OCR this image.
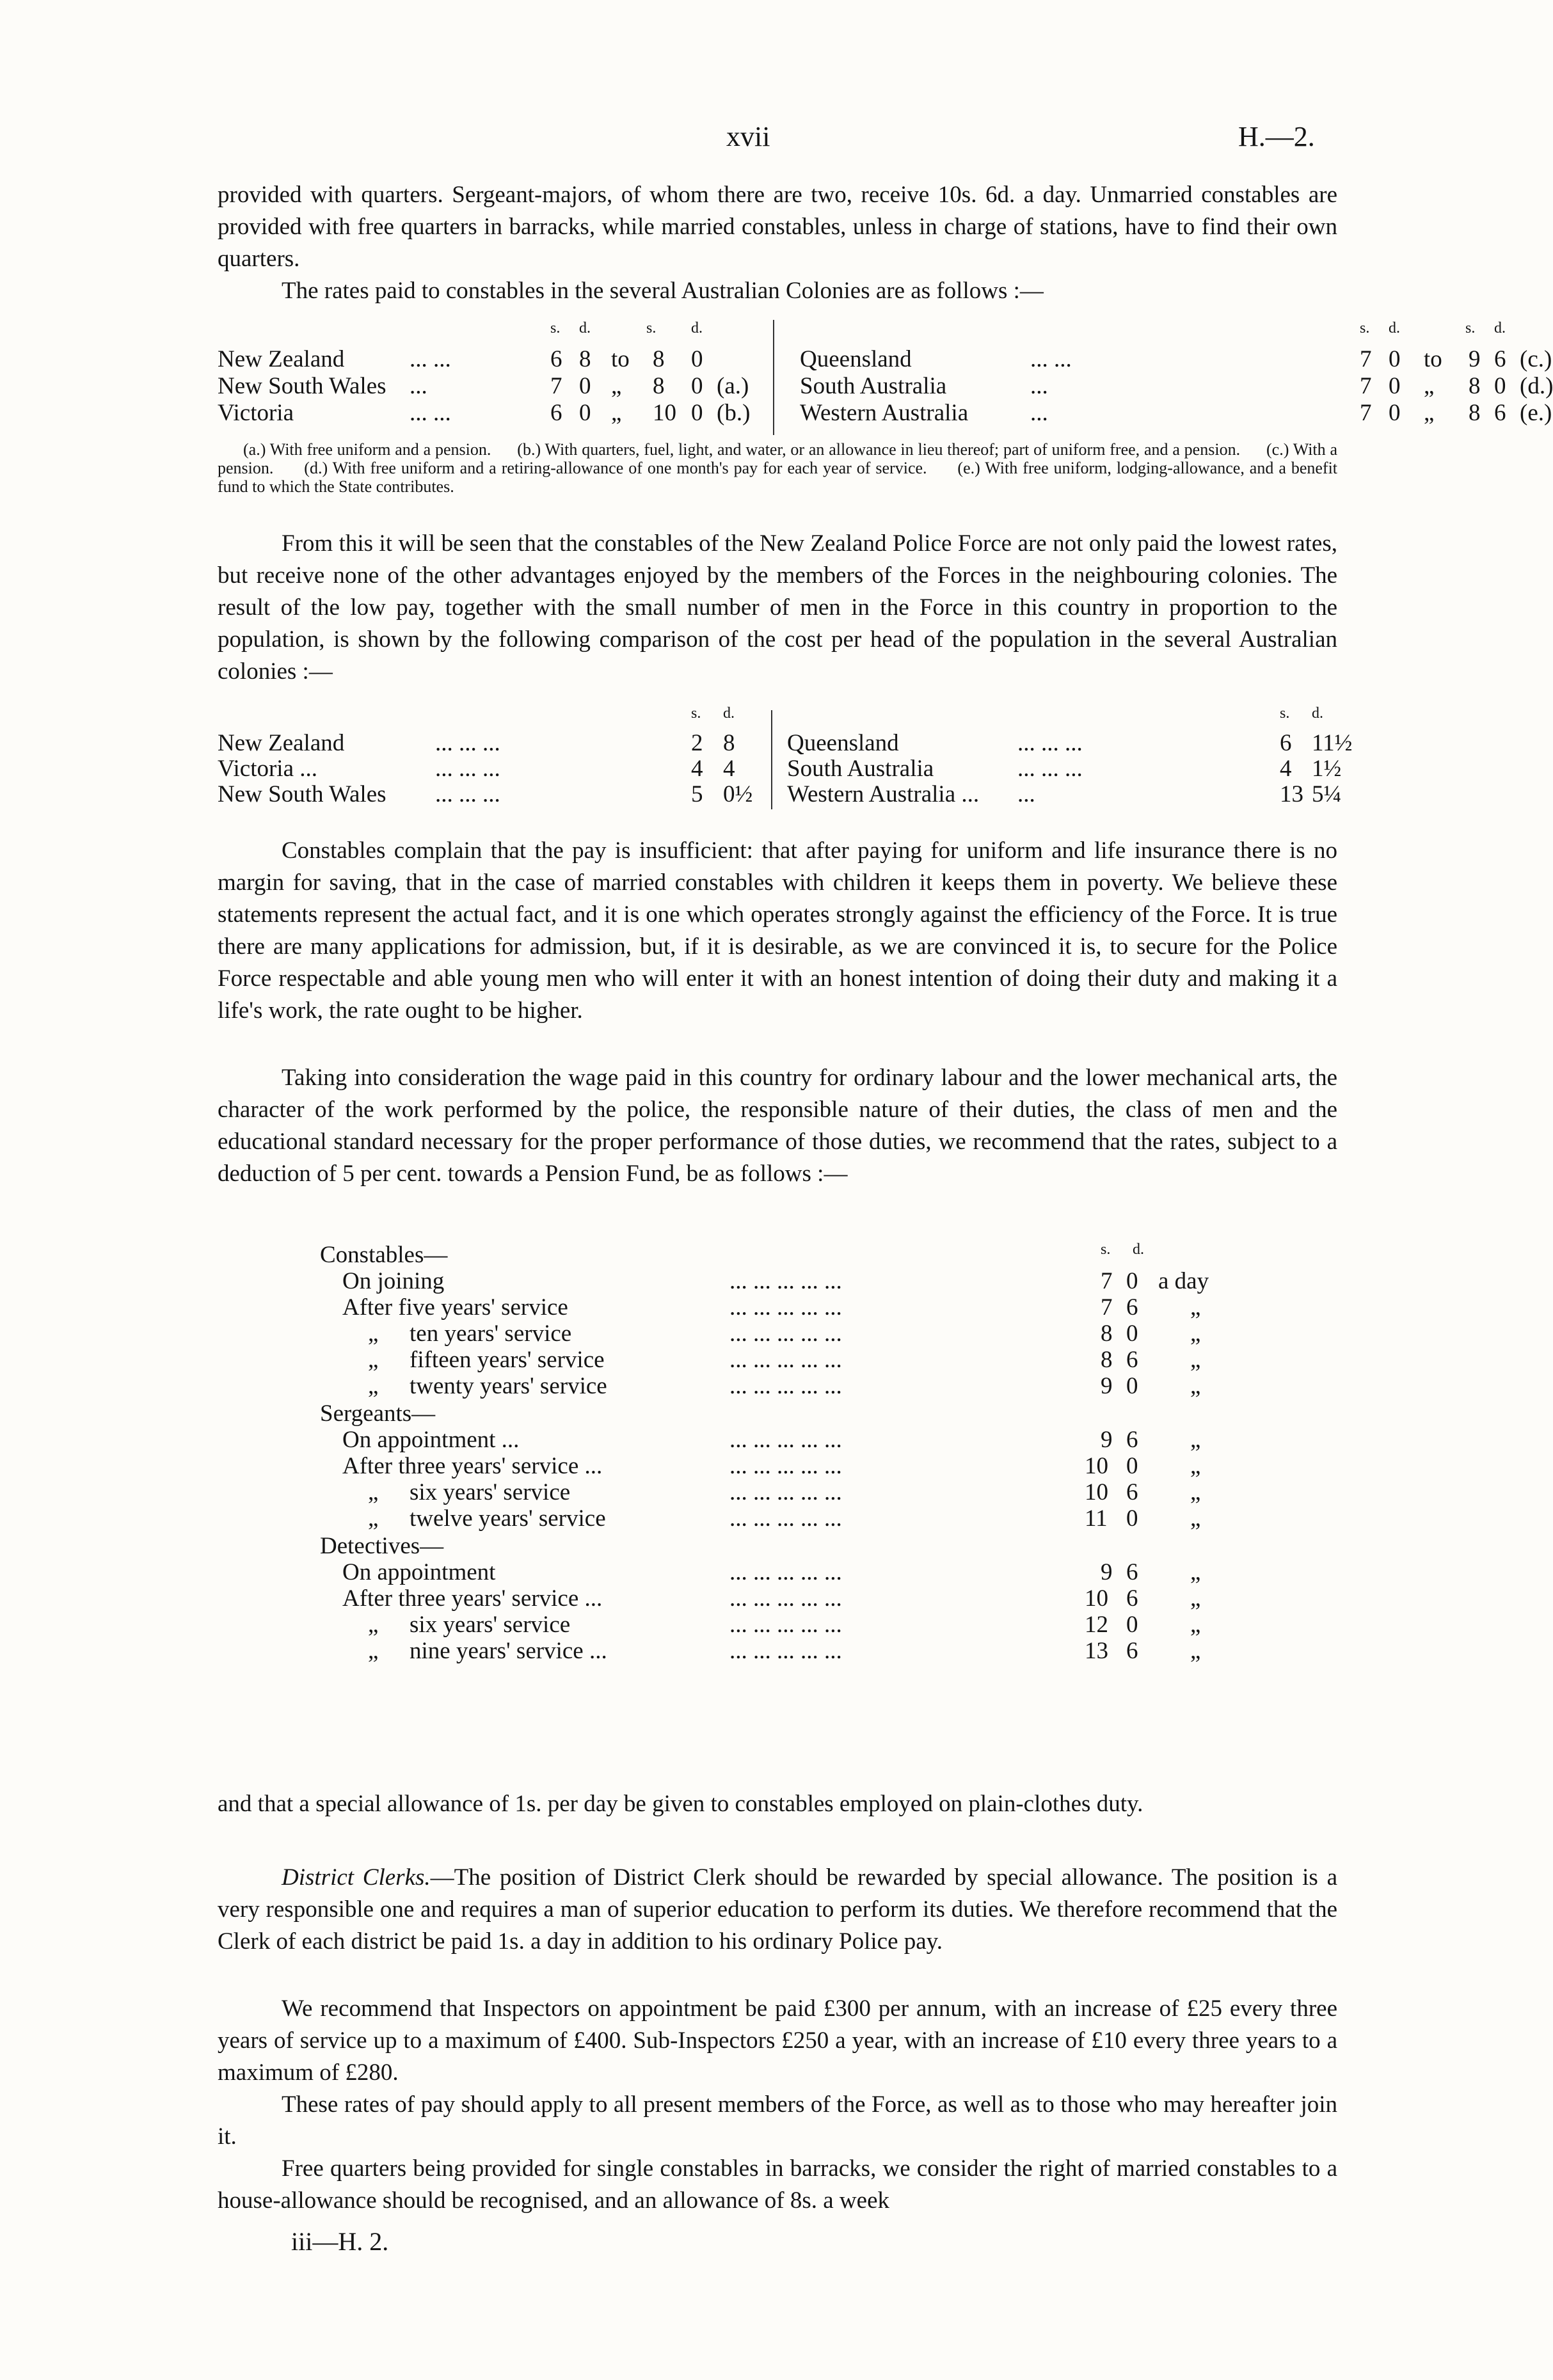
xvii	H.—2.
provided with quarters. Sergeant-majors, of whom there are two, receive 10s. 6d. a day. Unmarried constables are provided with free quarters in barracks, while married constables, unless in charge of stations, have to find their own quarters.
The rates paid to constables in the several Australian Colonies are as follows :—
(a.) With free uniform and a pension. (b.) With quarters, fuel, light, and water, or an allowance in lieu thereof; part of uniform free, and a pension. (c.) With a pension. (d.) With free uniform and a retiring-allowance of one month's pay for each year of service. (e.) With free uniform, lodging-allowance, and a benefit fund to which the State contributes.
s. d.	s. d.
New Zealand	... ...	6 8 to 8 0
New South Wales ...	7 0 „ 8 0 (a.)
Victoria	... ...	6 0 „ 10 0 (b.)
s. d.	s. d.
Queensland	... ...	7 0 to 9 6 (c.)
South Australia	...	7 0 „ 8 0 (d.)
Western Australia	...	7 0 „ 8 6 (e.)
From this it will be seen that the constables of the New Zealand Police Force are not only paid the lowest rates, but receive none of the other advantages enjoyed by the members of the Forces in the neighbouring colonies. The result of the low pay, together with the small number of men in the Force in this country in proportion to the population, is shown by the following comparison of the cost per head of the population in the several Australian colonies :—
s. d.
New Zealand	... ... ...	2 8
Victoria ...	... ... ...	4 4
New South Wales ... ... ...	5 0½
s. d.
Queensland	... ... ...	6 11½
South Australia	... ... ...	4 1½
Western Australia ... ...	13 5¼
Constables complain that the pay is insufficient: that after paying for uniform and life insurance there is no margin for saving, that in the case of married constables with children it keeps them in poverty. We believe these statements represent the actual fact, and it is one which operates strongly against the efficiency of the Force. It is true there are many applications for admission, but, if it is desirable, as we are convinced it is, to secure for the Police Force respectable and able young men who will enter it with an honest intention of doing their duty and making it a life's work, the rate ought to be higher.
Taking into consideration the wage paid in this country for ordinary labour and the lower mechanical arts, the character of the work performed by the police, the responsible nature of their duties, the class of men and the educational standard necessary for the proper performance of those duties, we recommend that the rates, subject to a deduction of 5 per cent. towards a Pension Fund, be as follows :—
s. d.
Constables—
On joining	... ... ... ... ...	7 0 a day
After five years' service	... ... ... ... ...	7 6 „
„ ten years' service	... ... ... ... ...	8 0 „
„ fifteen years' service	... ... ... ... ...	8 6 „
„ twenty years' service	... ... ... ... ...	9 0 „
Sergeants—
On appointment ...	... ... ... ... ...	9 6 „
After three years' service ...	... ... ... ... ...	10 0 „
„ six years' service	... ... ... ... ...	10 6 „
„ twelve years' service	... ... ... ... ...	11 0 „
Detectives—
On appointment	... ... ... ... ...	9 6 „
After three years' service ...	... ... ... ... ...	10 6 „
„ six years' service	... ... ... ... ...	12 0 „
„ nine years' service ...	... ... ... ... ...	13 6 „
and that a special allowance of 1s. per day be given to constables employed on plain-clothes duty.
District Clerks.—The position of District Clerk should be rewarded by special allowance. The position is a very responsible one and requires a man of superior education to perform its duties. We therefore recommend that the Clerk of each district be paid 1s. a day in addition to his ordinary Police pay.
We recommend that Inspectors on appointment be paid £300 per annum, with an increase of £25 every three years of service up to a maximum of £400. Sub-Inspectors £250 a year, with an increase of £10 every three years to a maximum of £280.
These rates of pay should apply to all present members of the Force, as well as to those who may hereafter join it.
Free quarters being provided for single constables in barracks, we consider the right of married constables to a house-allowance should be recognised, and an allowance of 8s. a week
iii—H. 2.
